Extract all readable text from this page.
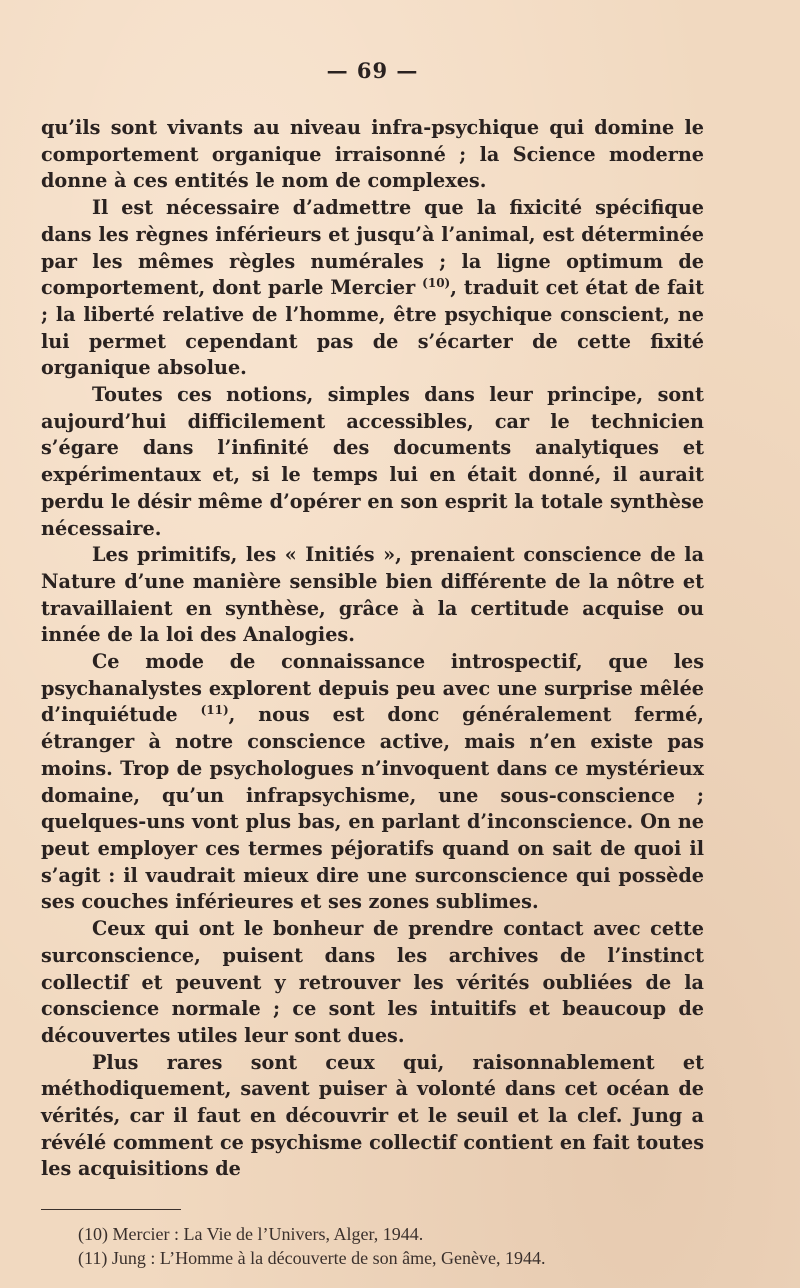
— 69 —

qu’ils sont vivants au niveau infra-psychique qui domine le comportement organique irraisonné ; la Science moderne donne à ces entités le nom de complexes.

Il est nécessaire d’admettre que la fixicité spécifique dans les règnes inférieurs et jusqu’à l’animal, est déterminée par les mêmes règles numérales ; la ligne optimum de comportement, dont parle Mercier $^{(10)}$, traduit cet état de fait ; la liberté relative de l’homme, être psychique conscient, ne lui permet cependant pas de s’écarter de cette fixité organique absolue.

Toutes ces notions, simples dans leur principe, sont aujourd’hui difficilement accessibles, car le technicien s’égare dans l’infinité des documents analytiques et expérimentaux et, si le temps lui en était donné, il aurait perdu le désir même d’opérer en son esprit la totale synthèse nécessaire.

Les primitifs, les « Initiés », prenaient conscience de la Nature d’une manière sensible bien différente de la nôtre et travaillaient en synthèse, grâce à la certitude acquise ou innée de la loi des Analogies.

Ce mode de connaissance introspectif, que les psychanalystes explorent depuis peu avec une surprise mêlée d’inquiétude $^{(11)}$, nous est donc généralement fermé, étranger à notre conscience active, mais n’en existe pas moins. Trop de psychologues n’invoquent dans ce mystérieux domaine, qu’un infrapsychisme, une sous-conscience ; quelques-uns vont plus bas, en parlant d’inconscience. On ne peut employer ces termes péjoratifs quand on sait de quoi il s’agit : il vaudrait mieux dire une surconscience qui possède ses couches inférieures et ses zones sublimes.

Ceux qui ont le bonheur de prendre contact avec cette surconscience, puisent dans les archives de l’instinct collectif et peuvent y retrouver les vérités oubliées de la conscience normale ; ce sont les intuitifs et beaucoup de découvertes utiles leur sont dues.

Plus rares sont ceux qui, raisonnablement et méthodiquement, savent puiser à volonté dans cet océan de vérités, car il faut en découvrir et le seuil et la clef. Jung a révélé comment ce psychisme collectif contient en fait toutes les acquisitions de

(10) Mercier : La Vie de l’Univers, Alger, 1944.

(11) Jung : L’Homme à la découverte de son âme, Genève, 1944.
